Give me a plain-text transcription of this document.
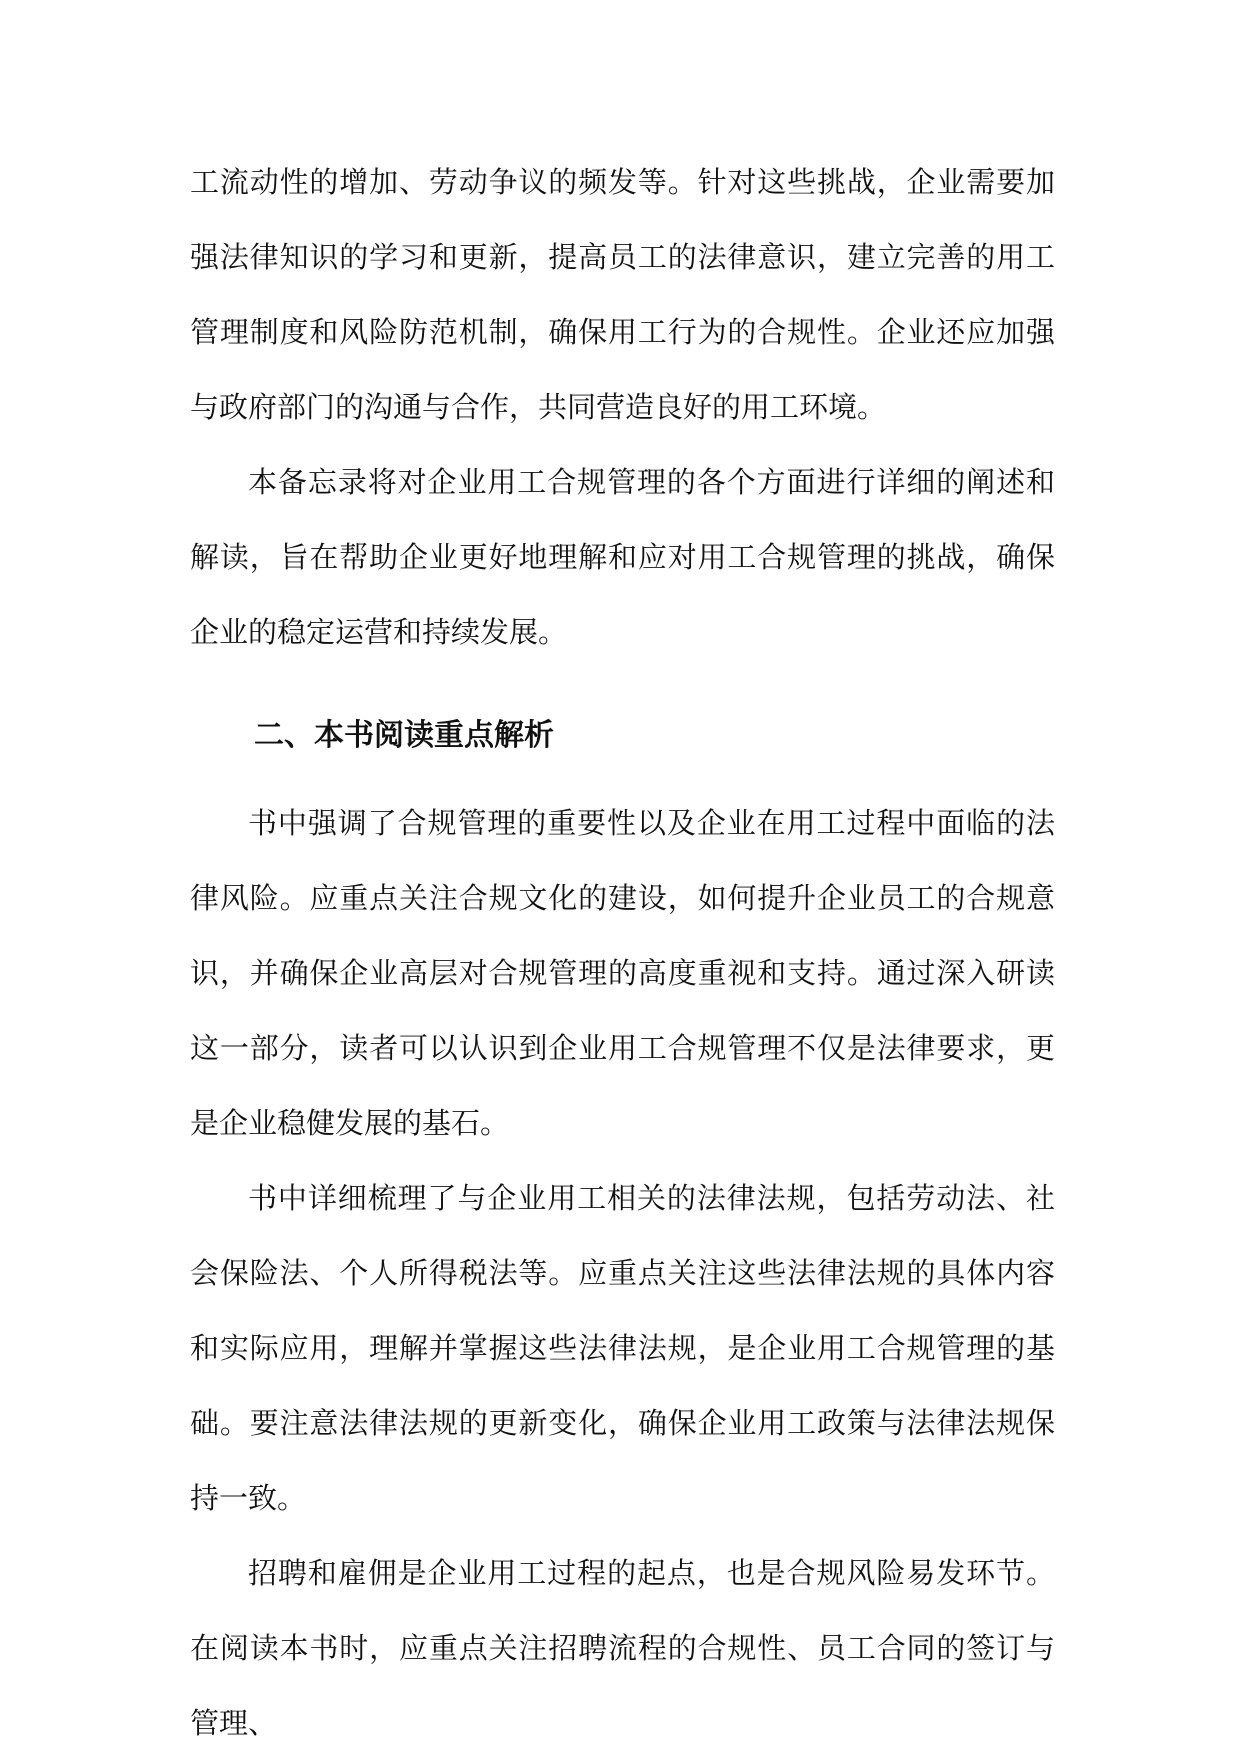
工流动性的增加、劳动争议的频发等。针对这些挑战，企业需要加强法律知识的学习和更新，提高员工的法律意识，建立完善的用工管理制度和风险防范机制，确保用工行为的合规性。企业还应加强与政府部门的沟通与合作，共同营造良好的用工环境。

本备忘录将对企业用工合规管理的各个方面进行详细的阐述和解读，旨在帮助企业更好地理解和应对用工合规管理的挑战，确保企业的稳定运营和持续发展。

二、本书阅读重点解析

书中强调了合规管理的重要性以及企业在用工过程中面临的法律风险。应重点关注合规文化的建设，如何提升企业员工的合规意识，并确保企业高层对合规管理的高度重视和支持。通过深入研读这一部分，读者可以认识到企业用工合规管理不仅是法律要求，更是企业稳健发展的基石。

书中详细梳理了与企业用工相关的法律法规，包括劳动法、社会保险法、个人所得税法等。应重点关注这些法律法规的具体内容和实际应用，理解并掌握这些法律法规，是企业用工合规管理的基础。要注意法律法规的更新变化，确保企业用工政策与法律法规保持一致。

招聘和雇佣是企业用工过程的起点，也是合规风险易发环节。在阅读本书时，应重点关注招聘流程的合规性、员工合同的签订与管理、
